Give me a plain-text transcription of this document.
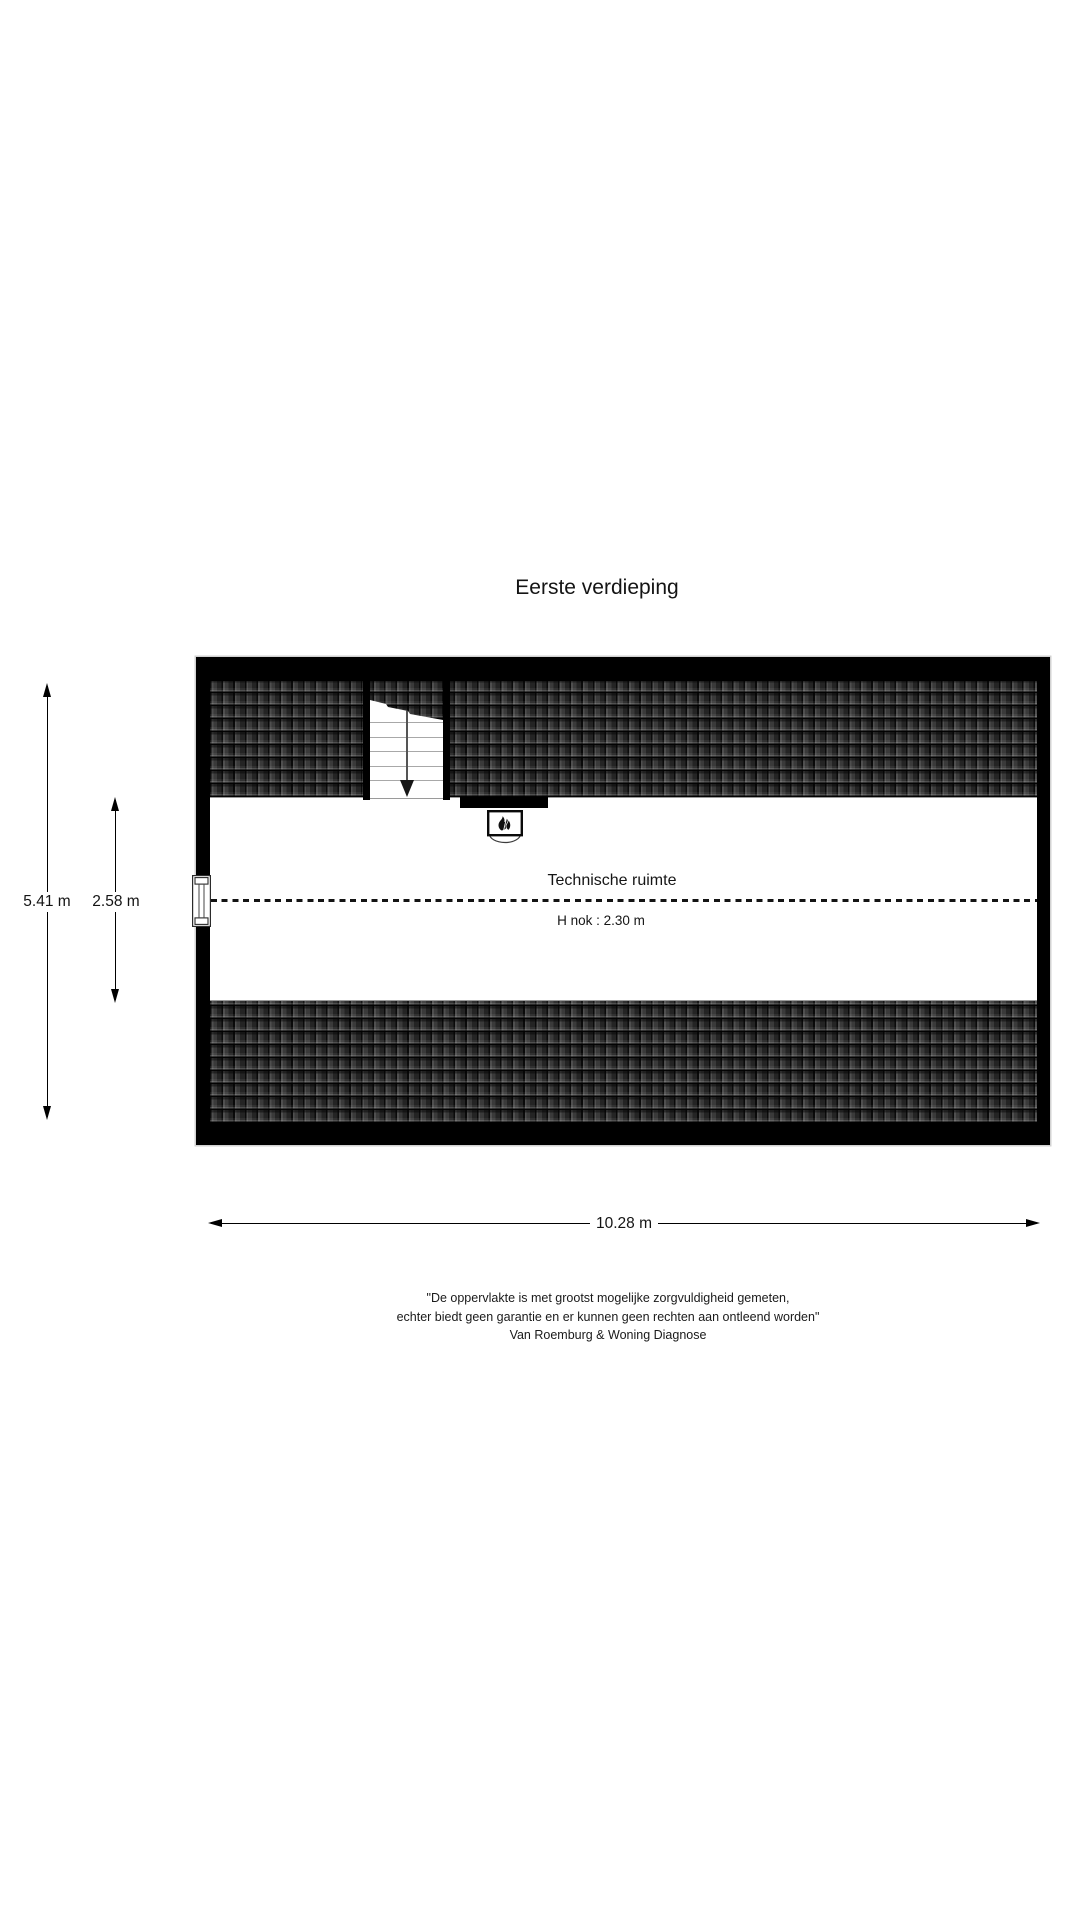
Eerste verdieping
Technische ruimte
H nok : 2.30 m
5.41 m	2.58 m
10.28 m
"De oppervlakte is met grootst mogelijke zorgvuldigheid gemeten,
echter biedt geen garantie en er kunnen geen rechten aan ontleend worden"
Van Roemburg & Woning Diagnose
